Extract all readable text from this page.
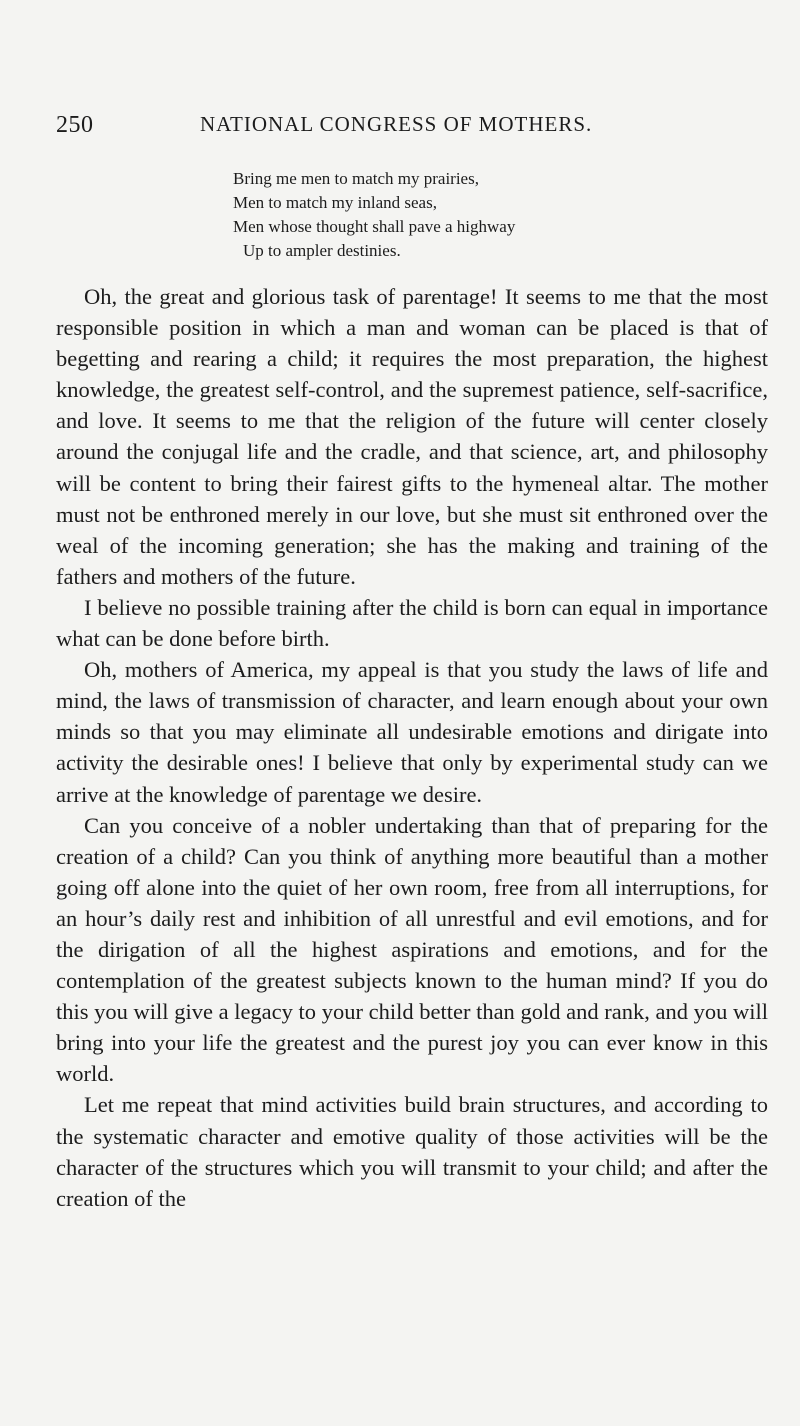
250	NATIONAL CONGRESS OF MOTHERS.
Bring me men to match my prairies,
Men to match my inland seas,
Men whose thought shall pave a highway
Up to ampler destinies.

Oh, the great and glorious task of parentage! It seems to me that the most responsible position in which a man and woman can be placed is that of begetting and rearing a child; it requires the most preparation, the highest knowledge, the greatest self-control, and the supremest patience, self-sacrifice, and love. It seems to me that the religion of the future will center closely around the conjugal life and the cradle, and that science, art, and philosophy will be content to bring their fairest gifts to the hymeneal altar. The mother must not be enthroned merely in our love, but she must sit enthroned over the weal of the incoming generation; she has the making and training of the fathers and mothers of the future.

I believe no possible training after the child is born can equal in importance what can be done before birth.

Oh, mothers of America, my appeal is that you study the laws of life and mind, the laws of transmission of character, and learn enough about your own minds so that you may eliminate all undesirable emotions and dirigate into activity the desirable ones! I believe that only by experimental study can we arrive at the knowledge of parentage we desire.

Can you conceive of a nobler undertaking than that of preparing for the creation of a child? Can you think of anything more beautiful than a mother going off alone into the quiet of her own room, free from all interruptions, for an hour’s daily rest and inhibition of all unrestful and evil emotions, and for the dirigation of all the highest aspirations and emotions, and for the contemplation of the greatest subjects known to the human mind? If you do this you will give a legacy to your child better than gold and rank, and you will bring into your life the greatest and the purest joy you can ever know in this world.

Let me repeat that mind activities build brain structures, and according to the systematic character and emotive quality of those activities will be the character of the structures which you will transmit to your child; and after the creation of the
